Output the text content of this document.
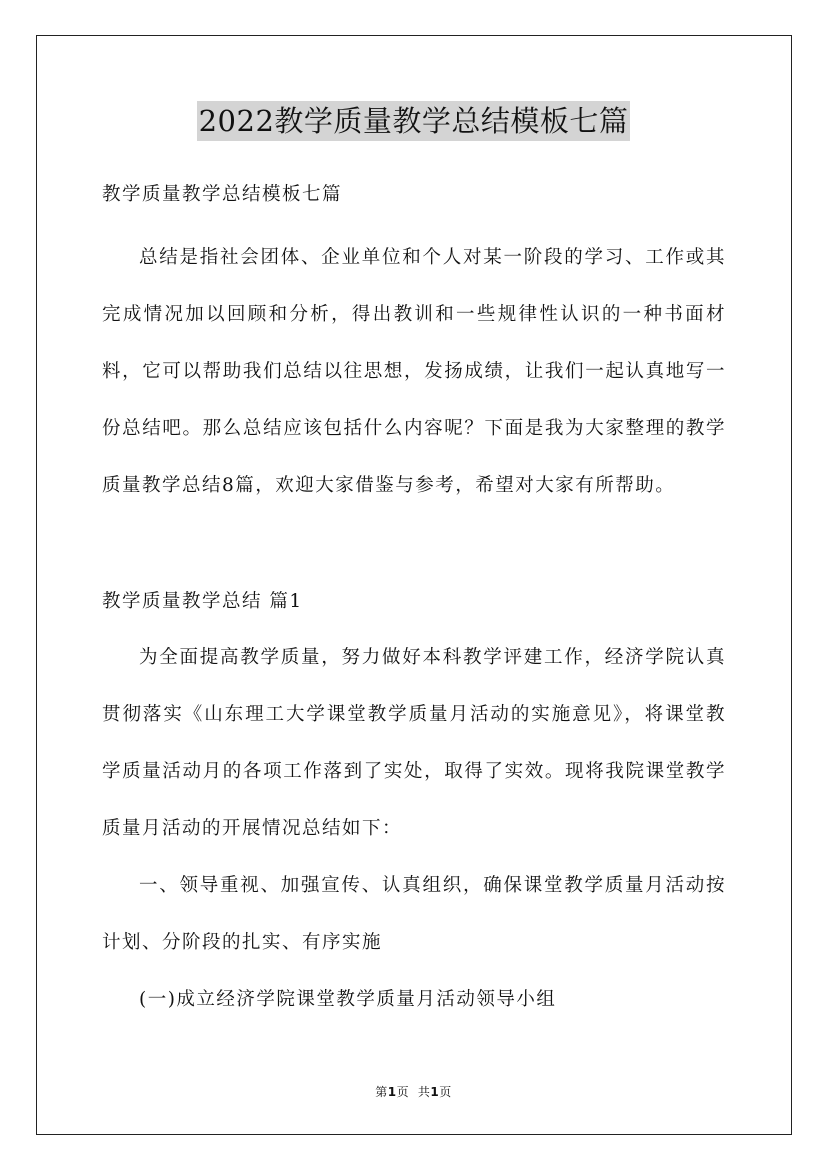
2022教学质量教学总结模板七篇

教学质量教学总结模板七篇

总结是指社会团体、企业单位和个人对某一阶段的学习、工作或其完成情况加以回顾和分析，得出教训和一些规律性认识的一种书面材料，它可以帮助我们总结以往思想，发扬成绩，让我们一起认真地写一份总结吧。那么总结应该包括什么内容呢？下面是我为大家整理的教学质量教学总结8篇，欢迎大家借鉴与参考，希望对大家有所帮助。

教学质量教学总结 篇1

为全面提高教学质量，努力做好本科教学评建工作，经济学院认真贯彻落实《山东理工大学课堂教学质量月活动的实施意见》，将课堂教学质量活动月的各项工作落到了实处，取得了实效。现将我院课堂教学质量月活动的开展情况总结如下：

一、领导重视、加强宣传、认真组织，确保课堂教学质量月活动按计划、分阶段的扎实、有序实施

(一)成立经济学院课堂教学质量月活动领导小组

第1页 共1页
